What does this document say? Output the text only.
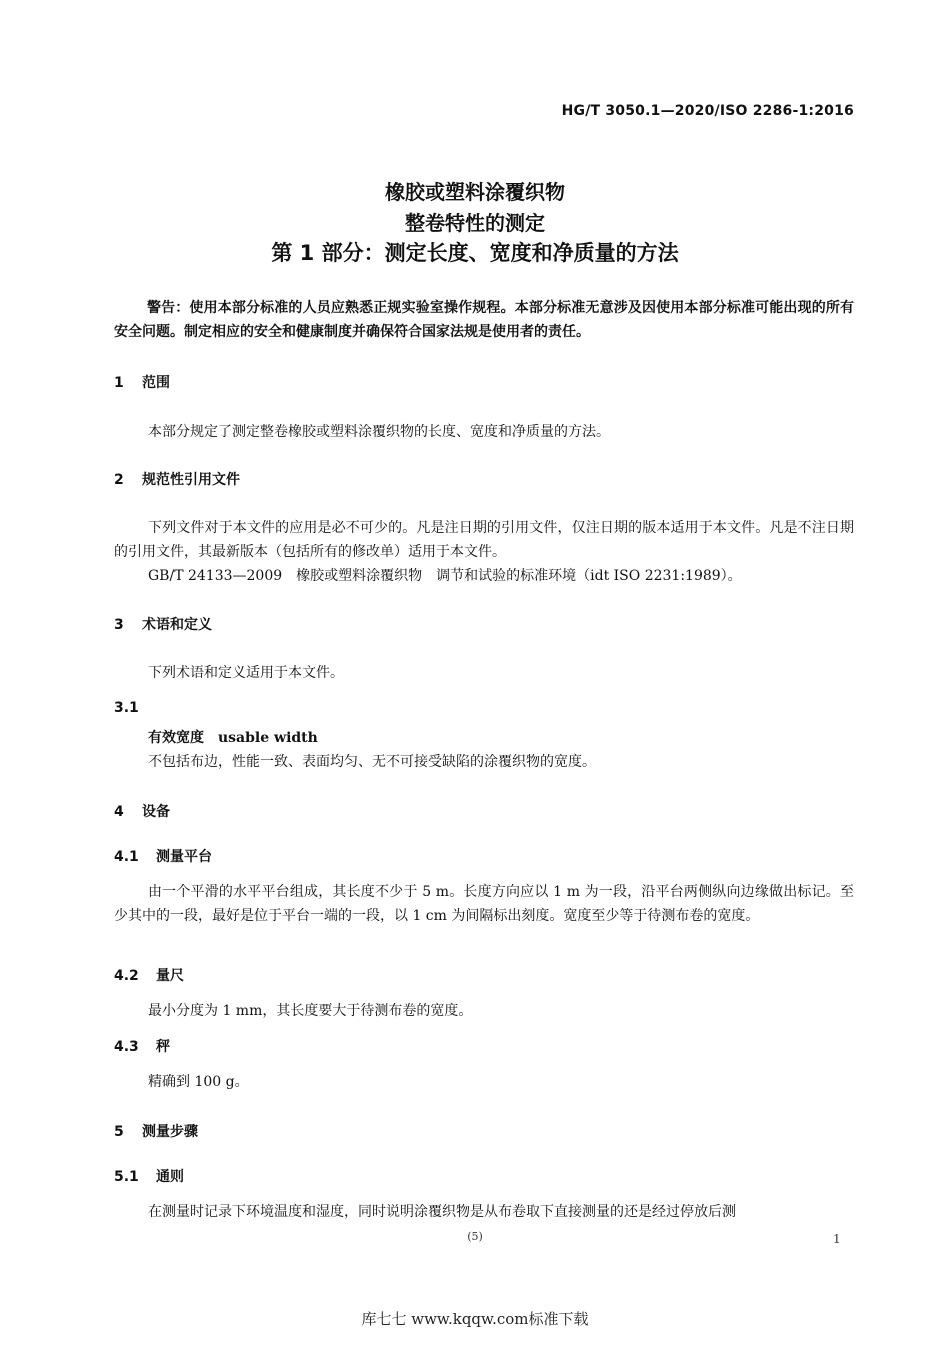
HG/T 3050.1—2020/ISO 2286-1:2016
橡胶或塑料涂覆织物
整卷特性的测定
第 1 部分：测定长度、宽度和净质量的方法
警告：使用本部分标准的人员应熟悉正规实验室操作规程。本部分标准无意涉及因使用本部分标准可能出现的所有安全问题。制定相应的安全和健康制度并确保符合国家法规是使用者的责任。
1 范围
本部分规定了测定整卷橡胶或塑料涂覆织物的长度、宽度和净质量的方法。
2 规范性引用文件
下列文件对于本文件的应用是必不可少的。凡是注日期的引用文件，仅注日期的版本适用于本文件。凡是不注日期的引用文件，其最新版本（包括所有的修改单）适用于本文件。
GB/T 24133—2009　橡胶或塑料涂覆织物　调节和试验的标准环境（idt ISO 2231:1989）。
3 术语和定义
下列术语和定义适用于本文件。
3.1
有效宽度 usable width
不包括布边，性能一致、表面均匀、无不可接受缺陷的涂覆织物的宽度。
4 设备
4.1 测量平台
由一个平滑的水平平台组成，其长度不少于 5 m。长度方向应以 1 m 为一段，沿平台两侧纵向边缘做出标记。至少其中的一段，最好是位于平台一端的一段，以 1 cm 为间隔标出刻度。宽度至少等于待测布卷的宽度。
4.2 量尺
最小分度为 1 mm，其长度要大于待测布卷的宽度。
4.3 秤
精确到 100 g。
5 测量步骤
5.1 通则
在测量时记录下环境温度和湿度，同时说明涂覆织物是从布卷取下直接测量的还是经过停放后测
(5)	1
库七七 www.kqqw.com标准下载
